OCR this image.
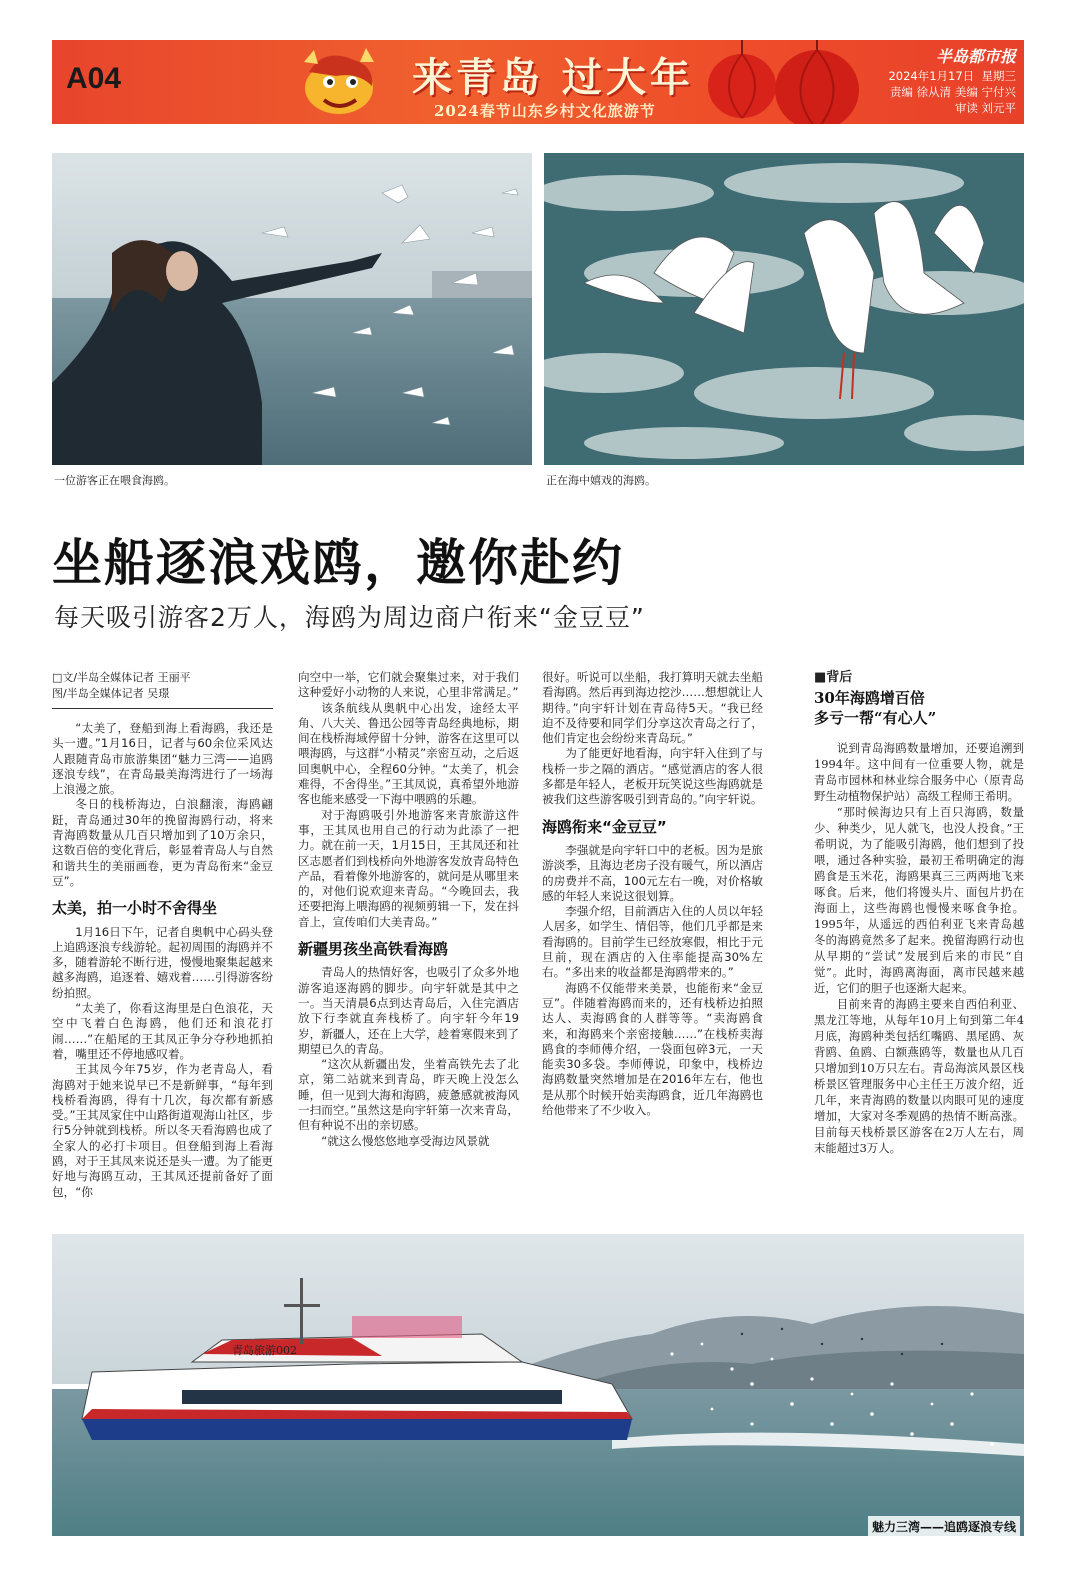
A04	来青岛 过大年
2024春节山东乡村文化旅游节
半岛都市报
2024年1月17日 星期三
责编 徐从清 美编 宁付兴
审读 刘元平
一位游客正在喂食海鸥。	正在海中嬉戏的海鸥。
坐船逐浪戏鸥，邀你赴约
每天吸引游客2万人，海鸥为周边商户衔来“金豆豆”
□文/半岛全媒体记者 王丽平
图/半岛全媒体记者 吴璟

“太美了，登船到海上看海鸥，我还是头一遭。”1月16日，记者与60余位采风达人跟随青岛市旅游集团“魅力三湾——追鸥逐浪专线”，在青岛最美海湾进行了一场海上浪漫之旅。

冬日的栈桥海边，白浪翻滚，海鸥翩跹，青岛通过30年的挽留海鸥行动，将来青海鸥数量从几百只增加到了10万余只，这数百倍的变化背后，彰显着青岛人与自然和谐共生的美丽画卷，更为青岛衔来“金豆豆”。

太美，拍一小时不舍得坐

1月16日下午，记者自奥帆中心码头登上追鸥逐浪专线游轮。起初周围的海鸥并不多，随着游轮不断行进，慢慢地聚集起越来越多海鸥，追逐着、嬉戏着……引得游客纷纷拍照。

“太美了，你看这海里是白色浪花，天空中飞着白色海鸥，他们还和浪花打闹……”在船尾的王其凤正争分夺秒地抓拍着，嘴里还不停地感叹着。

王其凤今年75岁，作为老青岛人，看海鸥对于她来说早已不是新鲜事，“每年到栈桥看海鸥，得有十几次，每次都有新感受。”王其凤家住中山路街道观海山社区，步行5分钟就到栈桥。所以冬天看海鸥也成了全家人的必打卡项目。但登船到海上看海鸥，对于王其凤来说还是头一遭。为了能更好地与海鸥互动，王其凤还提前备好了面包，“你

向空中一举，它们就会聚集过来，对于我们这种爱好小动物的人来说，心里非常满足。”

该条航线从奥帆中心出发，途经太平角、八大关、鲁迅公园等青岛经典地标，期间在栈桥海域停留十分钟，游客在这里可以喂海鸥，与这群“小精灵”亲密互动，之后返回奥帆中心，全程60分钟。“太美了，机会难得，不舍得坐。”王其凤说，真希望外地游客也能来感受一下海中喂鸥的乐趣。

对于海鸥吸引外地游客来青旅游这件事，王其凤也用自己的行动为此添了一把力。就在前一天，1月15日，王其凤还和社区志愿者们到栈桥向外地游客发放青岛特色产品，看着像外地游客的，就问是从哪里来的，对他们说欢迎来青岛。“今晚回去，我还要把海上喂海鸥的视频剪辑一下，发在抖音上，宣传咱们大美青岛。”

新疆男孩坐高铁看海鸥

青岛人的热情好客，也吸引了众多外地游客追逐海鸥的脚步。向宇轩就是其中之一。当天清晨6点到达青岛后，入住完酒店放下行李就直奔栈桥了。向宇轩今年19岁，新疆人，还在上大学，趁着寒假来到了期望已久的青岛。

“这次从新疆出发，坐着高铁先去了北京，第二站就来到青岛，昨天晚上没怎么睡，但一见到大海和海鸥，疲惫感就被海风一扫而空。”虽然这是向宇轩第一次来青岛，但有种说不出的亲切感。

“就这么慢悠悠地享受海边风景就

很好。听说可以坐船，我打算明天就去坐船看海鸥。然后再到海边挖沙……想想就让人期待。”向宇轩计划在青岛待5天。“我已经迫不及待要和同学们分享这次青岛之行了，他们肯定也会纷纷来青岛玩。”

为了能更好地看海，向宇轩入住到了与栈桥一步之隔的酒店。“感觉酒店的客人很多都是年轻人，老板开玩笑说这些海鸥就是被我们这些游客吸引到青岛的。”向宇轩说。

海鸥衔来“金豆豆”

李强就是向宇轩口中的老板。因为是旅游淡季，且海边老房子没有暖气，所以酒店的房费并不高，100元左右一晚，对价格敏感的年轻人来说这很划算。

李强介绍，目前酒店入住的人员以年轻人居多，如学生、情侣等，他们几乎都是来看海鸥的。目前学生已经放寒假，相比于元旦前，现在酒店的入住率能提高30%左右。“多出来的收益都是海鸥带来的。”

海鸥不仅能带来美景，也能衔来“金豆豆”。伴随着海鸥而来的，还有栈桥边拍照达人、卖海鸥食的人群等等。“卖海鸥食来，和海鸥来个亲密接触……”在栈桥卖海鸥食的李师傅介绍，一袋面包碎3元，一天能卖30多袋。李师傅说，印象中，栈桥边海鸥数量突然增加是在2016年左右，他也是从那个时候开始卖海鸥食，近几年海鸥也给他带来了不少收入。

■背后
30年海鸥增百倍
多亏一帮“有心人”

说到青岛海鸥数量增加，还要追溯到1994年。这中间有一位重要人物，就是青岛市园林和林业综合服务中心（原青岛野生动植物保护站）高级工程师王希明。

“那时候海边只有上百只海鸥，数量少、种类少，见人就飞，也没人投食。”王希明说，为了能吸引海鸥，他们想到了投喂，通过各种实验，最初王希明确定的海鸥食是玉米花，海鸥果真三三两两地飞来啄食。后来，他们将馒头片、面包片扔在海面上，这些海鸥也慢慢来啄食争抢。1995年，从遥远的西伯利亚飞来青岛越冬的海鸥竟然多了起来。挽留海鸥行动也从早期的“尝试”发展到后来的市民“自觉”。此时，海鸥离海面，离市民越来越近，它们的胆子也逐渐大起来。

目前来青的海鸥主要来自西伯利亚、黑龙江等地，从每年10月上旬到第二年4月底，海鸥种类包括红嘴鸥、黑尾鸥、灰背鸥、鱼鸥、白额燕鸥等，数量也从几百只增加到10万只左右。青岛海滨风景区栈桥景区管理服务中心主任王万波介绍，近几年，来青海鸥的数量以肉眼可见的速度增加，大家对冬季观鸥的热情不断高涨。目前每天栈桥景区游客在2万人左右，周末能超过3万人。

青岛旅游002
魅力三湾——追鸥逐浪专线
